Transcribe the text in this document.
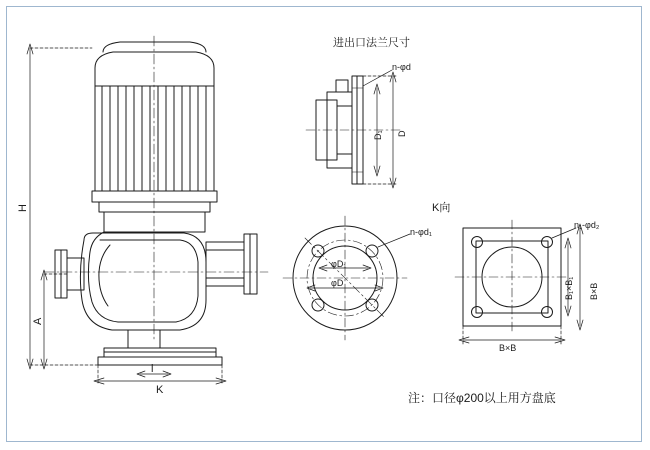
进出口法兰尺寸
K向
H
A
K
l
n-φd
D₁ D
n-φd₁
φD₁
φD
n₁-φd₂
B₁×B₁ B×B
B×B
注：口径φ200以上用方盘底
